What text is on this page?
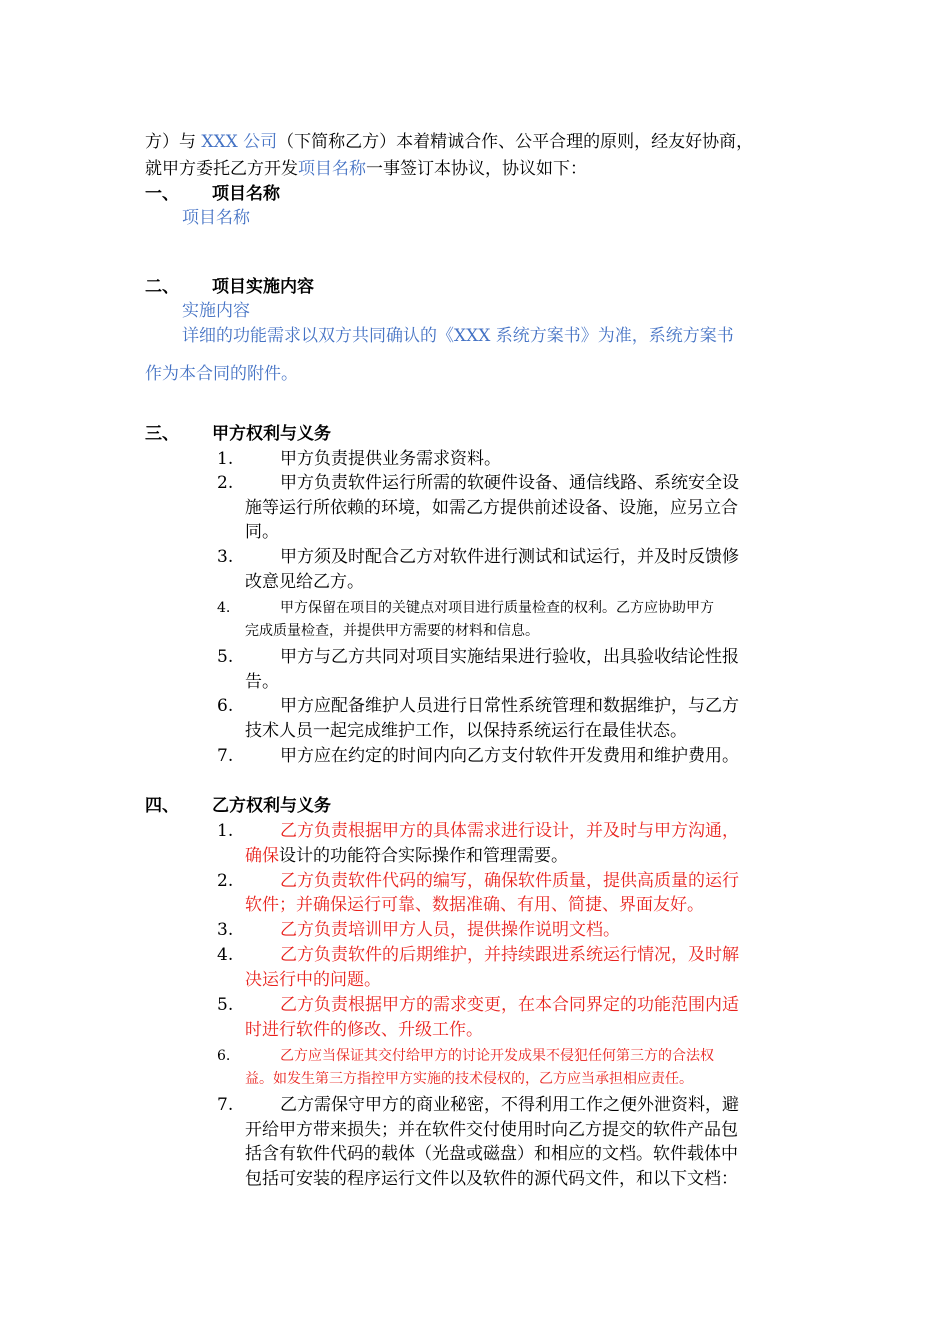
方）与 XXX 公司（下简称乙方）本着精诚合作、公平合理的原则，经友好协商，
就甲方委托乙方开发项目名称一事签订本协议，协议如下：
一、 项目名称
项目名称
二、 项目实施内容
实施内容
详细的功能需求以双方共同确认的《XXX 系统方案书》为准，系统方案书
作为本合同的附件。
三、 甲方权利与义务
1.	甲方负责提供业务需求资料。
2.	甲方负责软件运行所需的软硬件设备、通信线路、系统安全设
施等运行所依赖的环境，如需乙方提供前述设备、设施，应另立合
同。
3.	甲方须及时配合乙方对软件进行测试和试运行，并及时反馈修
改意见给乙方。
4.	甲方保留在项目的关键点对项目进行质量检查的权利。乙方应协助甲方
完成质量检查，并提供甲方需要的材料和信息。
5.	甲方与乙方共同对项目实施结果进行验收，出具验收结论性报
告。
6.	甲方应配备维护人员进行日常性系统管理和数据维护，与乙方
技术人员一起完成维护工作，以保持系统运行在最佳状态。
7.	甲方应在约定的时间内向乙方支付软件开发费用和维护费用。
四、 乙方权利与义务
1.	乙方负责根据甲方的具体需求进行设计，并及时与甲方沟通，
确保设计的功能符合实际操作和管理需要。
2.	乙方负责软件代码的编写，确保软件质量，提供高质量的运行
软件；并确保运行可靠、数据准确、有用、简捷、界面友好。
3.	乙方负责培训甲方人员，提供操作说明文档。
4.	乙方负责软件的后期维护，并持续跟进系统运行情况，及时解
决运行中的问题。
5.	乙方负责根据甲方的需求变更，在本合同界定的功能范围内适
时进行软件的修改、升级工作。
6.	乙方应当保证其交付给甲方的讨论开发成果不侵犯任何第三方的合法权
益。如发生第三方指控甲方实施的技术侵权的，乙方应当承担相应责任。
7.	乙方需保守甲方的商业秘密，不得利用工作之便外泄资料，避
开给甲方带来损失；并在软件交付使用时向乙方提交的软件产品包
括含有软件代码的载体（光盘或磁盘）和相应的文档。软件载体中
包括可安装的程序运行文件以及软件的源代码文件，和以下文档：
